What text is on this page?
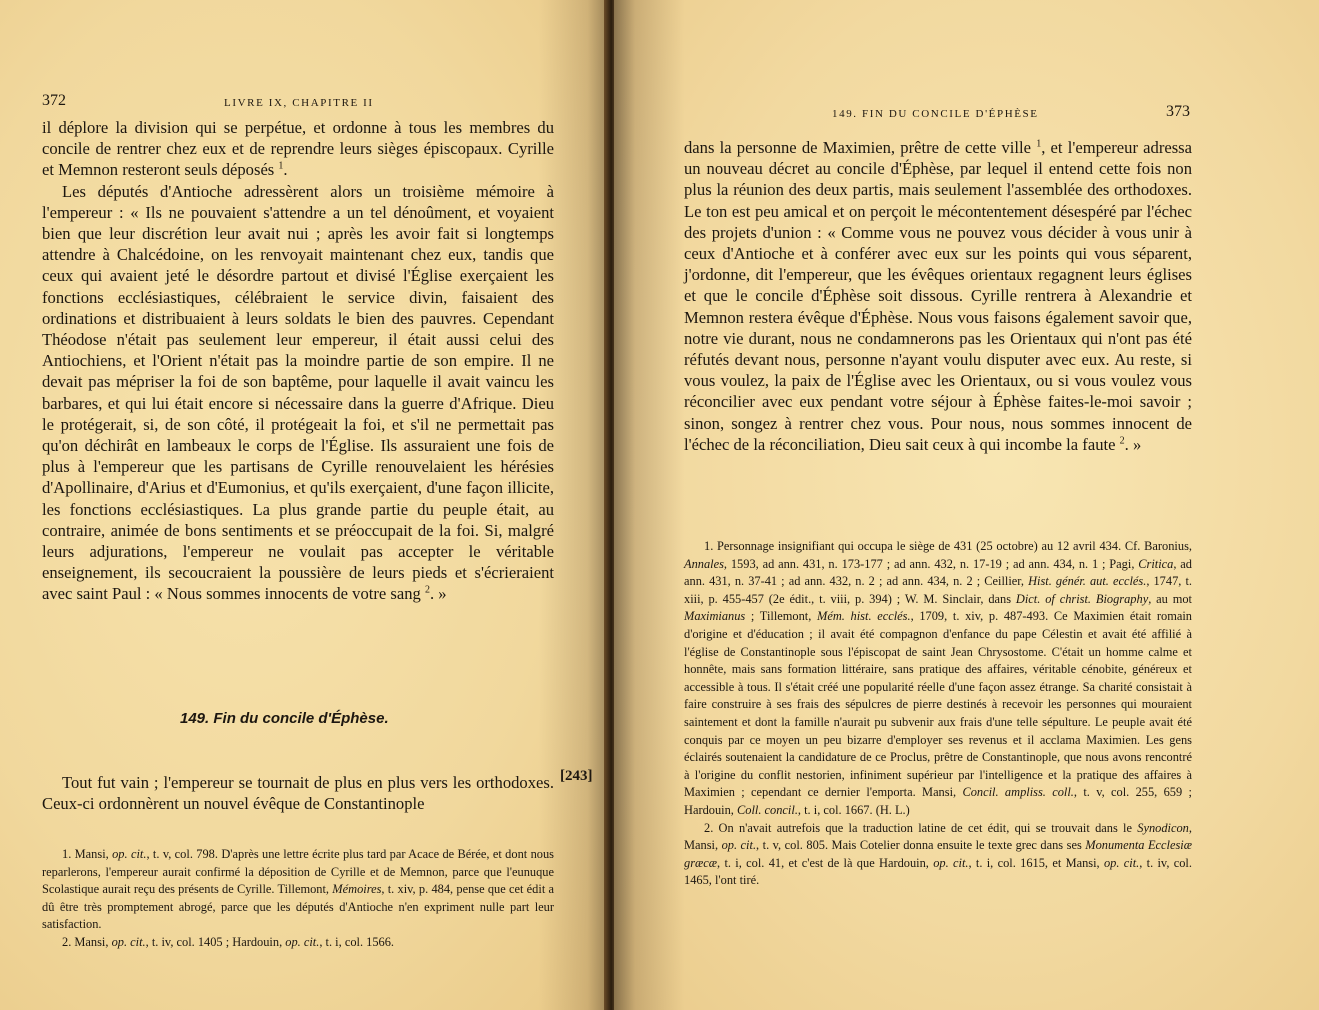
372	LIVRE IX, CHAPITRE II

il déplore la division qui se perpétue, et ordonne à tous les membres du concile de rentrer chez eux et de reprendre leurs sièges épiscopaux. Cyrille et Memnon resteront seuls déposés $^1$.

Les députés d'Antioche adressèrent alors un troisième mémoire à l'empereur : « Ils ne pouvaient s'attendre a un tel dénoûment, et voyaient bien que leur discrétion leur avait nui ; après les avoir fait si longtemps attendre à Chalcédoine, on les renvoyait maintenant chez eux, tandis que ceux qui avaient jeté le désordre partout et divisé l'Église exerçaient les fonctions ecclésiastiques, célébraient le service divin, faisaient des ordinations et distribuaient à leurs soldats le bien des pauvres. Cependant Théodose n'était pas seulement leur empereur, il était aussi celui des Antiochiens, et l'Orient n'était pas la moindre partie de son empire. Il ne devait pas mépriser la foi de son baptême, pour laquelle il avait vaincu les barbares, et qui lui était encore si nécessaire dans la guerre d'Afrique. Dieu le protégerait, si, de son côté, il protégeait la foi, et s'il ne permettait pas qu'on déchirât en lambeaux le corps de l'Église. Ils assuraient une fois de plus à l'empereur que les partisans de Cyrille renouvelaient les hérésies d'Apollinaire, d'Arius et d'Eumonius, et qu'ils exerçaient, d'une façon illicite, les fonctions ecclésiastiques. La plus grande partie du peuple était, au contraire, animée de bons sentiments et se préoccupait de la foi. Si, malgré leurs adjurations, l'empereur ne voulait pas accepter le véritable enseignement, ils secoucraient la poussière de leurs pieds et s'écrieraient avec saint Paul : « Nous sommes innocents de votre sang $^2$. »

149. Fin du concile d'Éphèse.

Tout fut vain ; l'empereur se tournait de plus en plus vers les orthodoxes. Ceux-ci ordonnèrent un nouvel évêque de Constantinople

[243]

1. Mansi, op. cit., t. v, col. 798. D'après une lettre écrite plus tard par Acace de Bérée, et dont nous reparlerons, l'empereur aurait confirmé la déposition de Cyrille et de Memnon, parce que l'eunuque Scolastique aurait reçu des présents de Cyrille. Tillemont, Mémoires, t. xiv, p. 484, pense que cet édit a dû être très promptement abrogé, parce que les députés d'Antioche n'en expriment nulle part leur satisfaction.

2. Mansi, op. cit., t. iv, col. 1405 ; Hardouin, op. cit., t. i, col. 1566.

149. FIN DU CONCILE D'ÉPHÈSE	373

dans la personne de Maximien, prêtre de cette ville $^1$, et l'empereur adressa un nouveau décret au concile d'Éphèse, par lequel il entend cette fois non plus la réunion des deux partis, mais seulement l'assemblée des orthodoxes. Le ton est peu amical et on perçoit le mécontentement désespéré par l'échec des projets d'union : « Comme vous ne pouvez vous décider à vous unir à ceux d'Antioche et à conférer avec eux sur les points qui vous séparent, j'ordonne, dit l'empereur, que les évêques orientaux regagnent leurs églises et que le concile d'Éphèse soit dissous. Cyrille rentrera à Alexandrie et Memnon restera évêque d'Éphèse. Nous vous faisons également savoir que, notre vie durant, nous ne condamnerons pas les Orientaux qui n'ont pas été réfutés devant nous, personne n'ayant voulu disputer avec eux. Au reste, si vous voulez, la paix de l'Église avec les Orientaux, ou si vous voulez vous réconcilier avec eux pendant votre séjour à Éphèse faites-le-moi savoir ; sinon, songez à rentrer chez vous. Pour nous, nous sommes innocent de l'échec de la réconciliation, Dieu sait ceux à qui incombe la faute $^2$. »

1. Personnage insignifiant qui occupa le siège de 431 (25 octobre) au 12 avril 434. Cf. Baronius, Annales, 1593, ad ann. 431, n. 173-177 ; ad ann. 432, n. 17-19 ; ad ann. 434, n. 1 ; Pagi, Critica, ad ann. 431, n. 37-41 ; ad ann. 432, n. 2 ; ad ann. 434, n. 2 ; Ceillier, Hist. génér. aut. ecclés., 1747, t. xiii, p. 455-457 (2e édit., t. viii, p. 394) ; W. M. Sinclair, dans Dict. of christ. Biography, au mot Maximianus ; Tillemont, Mém. hist. ecclés., 1709, t. xiv, p. 487-493. Ce Maximien était romain d'origine et d'éducation ; il avait été compagnon d'enfance du pape Célestin et avait été affilié à l'église de Constantinople sous l'épiscopat de saint Jean Chrysostome. C'était un homme calme et honnête, mais sans formation littéraire, sans pratique des affaires, véritable cénobite, généreux et accessible à tous. Il s'était créé une popularité réelle d'une façon assez étrange. Sa charité consistait à faire construire à ses frais des sépulcres de pierre destinés à recevoir les personnes qui mouraient saintement et dont la famille n'aurait pu subvenir aux frais d'une telle sépulture. Le peuple avait été conquis par ce moyen un peu bizarre d'employer ses revenus et il acclama Maximien. Les gens éclairés soutenaient la candidature de ce Proclus, prêtre de Constantinople, que nous avons rencontré à l'origine du conflit nestorien, infiniment supérieur par l'intelligence et la pratique des affaires à Maximien ; cependant ce dernier l'emporta. Mansi, Concil. ampliss. coll., t. v, col. 255, 659 ; Hardouin, Coll. concil., t. i, col. 1667. (H. L.)

2. On n'avait autrefois que la traduction latine de cet édit, qui se trouvait dans le Synodicon, Mansi, op. cit., t. v, col. 805. Mais Cotelier donna ensuite le texte grec dans ses Monumenta Ecclesiæ græcæ, t. i, col. 41, et c'est de là que Hardouin, op. cit., t. i, col. 1615, et Mansi, op. cit., t. iv, col. 1465, l'ont tiré.
